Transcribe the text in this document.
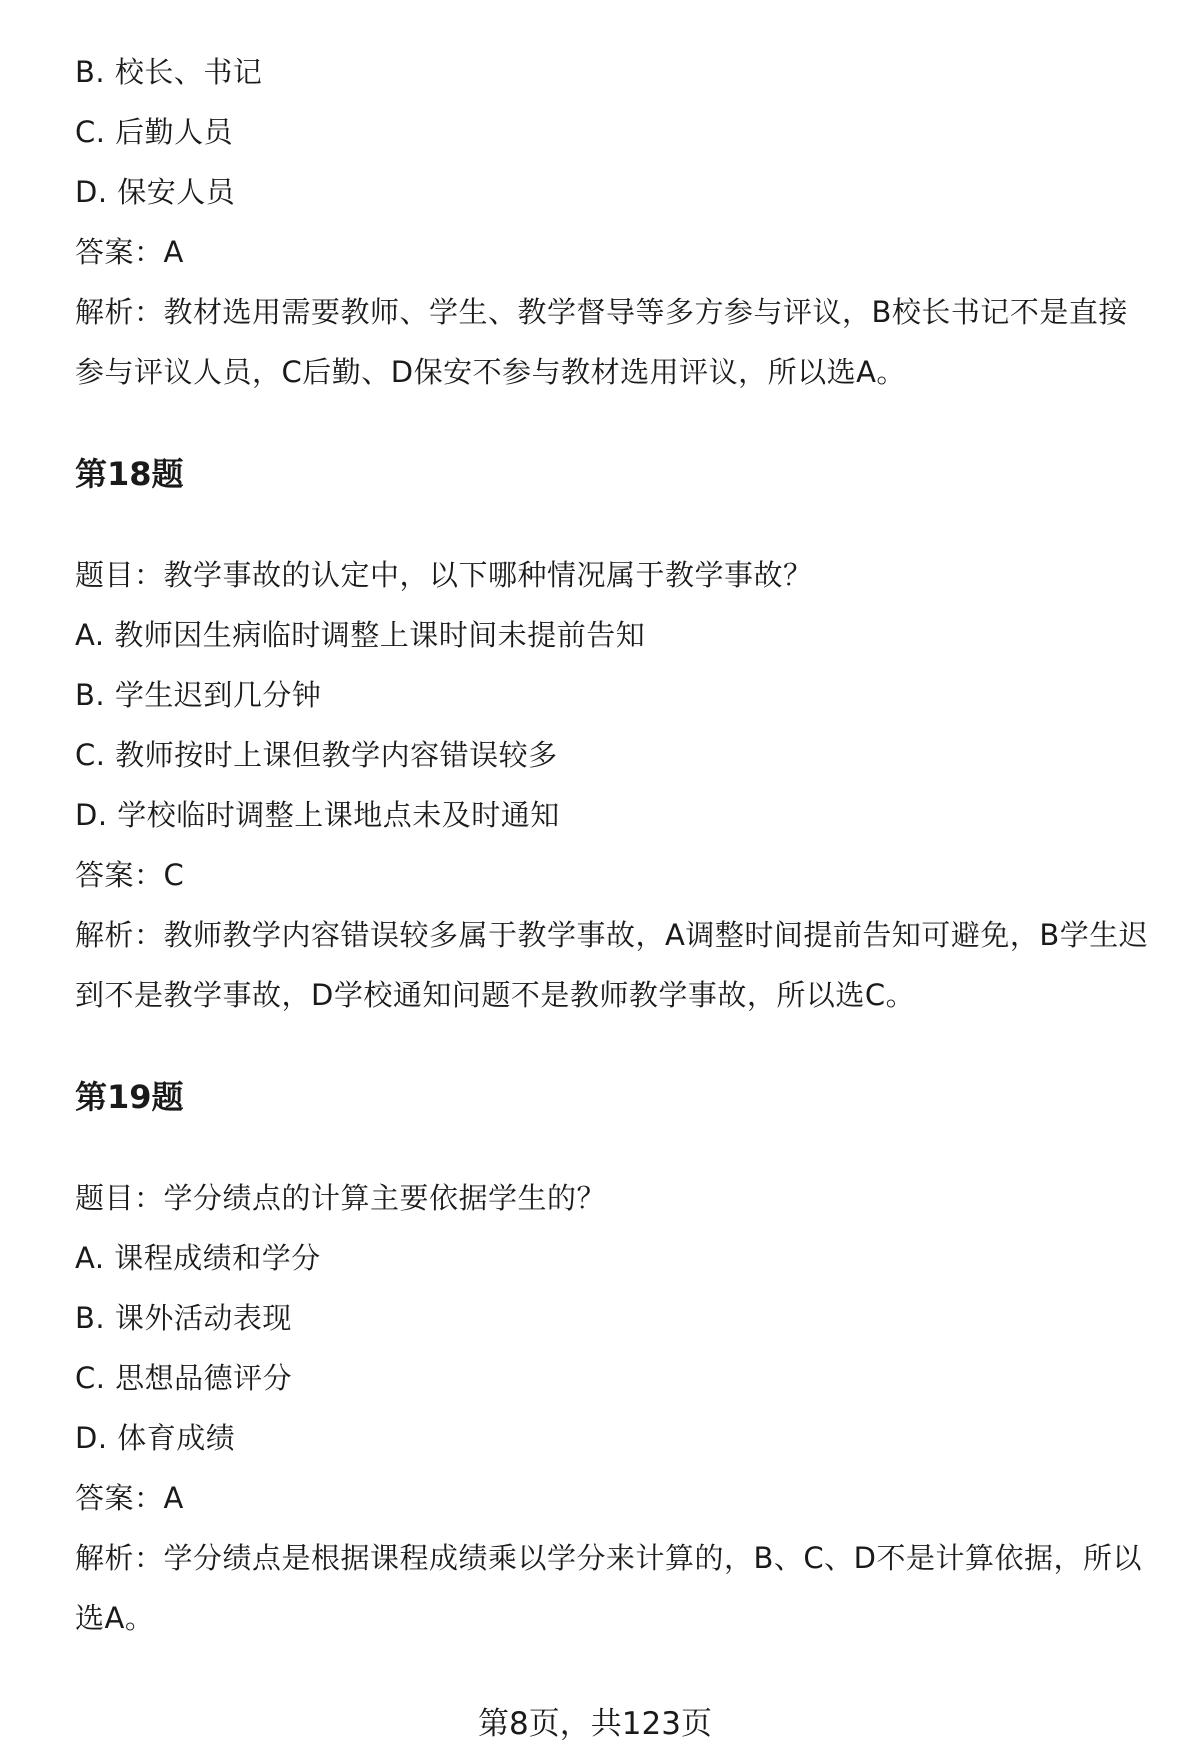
B. 校长、书记
C. 后勤人员
D. 保安人员
答案：A
解析：教材选用需要教师、学生、教学督导等多方参与评议，B校长书记不是直接
参与评议人员，C后勤、D保安不参与教材选用评议，所以选A。
第18题
题目：教学事故的认定中，以下哪种情况属于教学事故？
A. 教师因生病临时调整上课时间未提前告知
B. 学生迟到几分钟
C. 教师按时上课但教学内容错误较多
D. 学校临时调整上课地点未及时通知
答案：C
解析：教师教学内容错误较多属于教学事故，A调整时间提前告知可避免，B学生迟
到不是教学事故，D学校通知问题不是教师教学事故，所以选C。
第19题
题目：学分绩点的计算主要依据学生的？
A. 课程成绩和学分
B. 课外活动表现
C. 思想品德评分
D. 体育成绩
答案：A
解析：学分绩点是根据课程成绩乘以学分来计算的，B、C、D不是计算依据，所以
选A。
第8页，共123页
